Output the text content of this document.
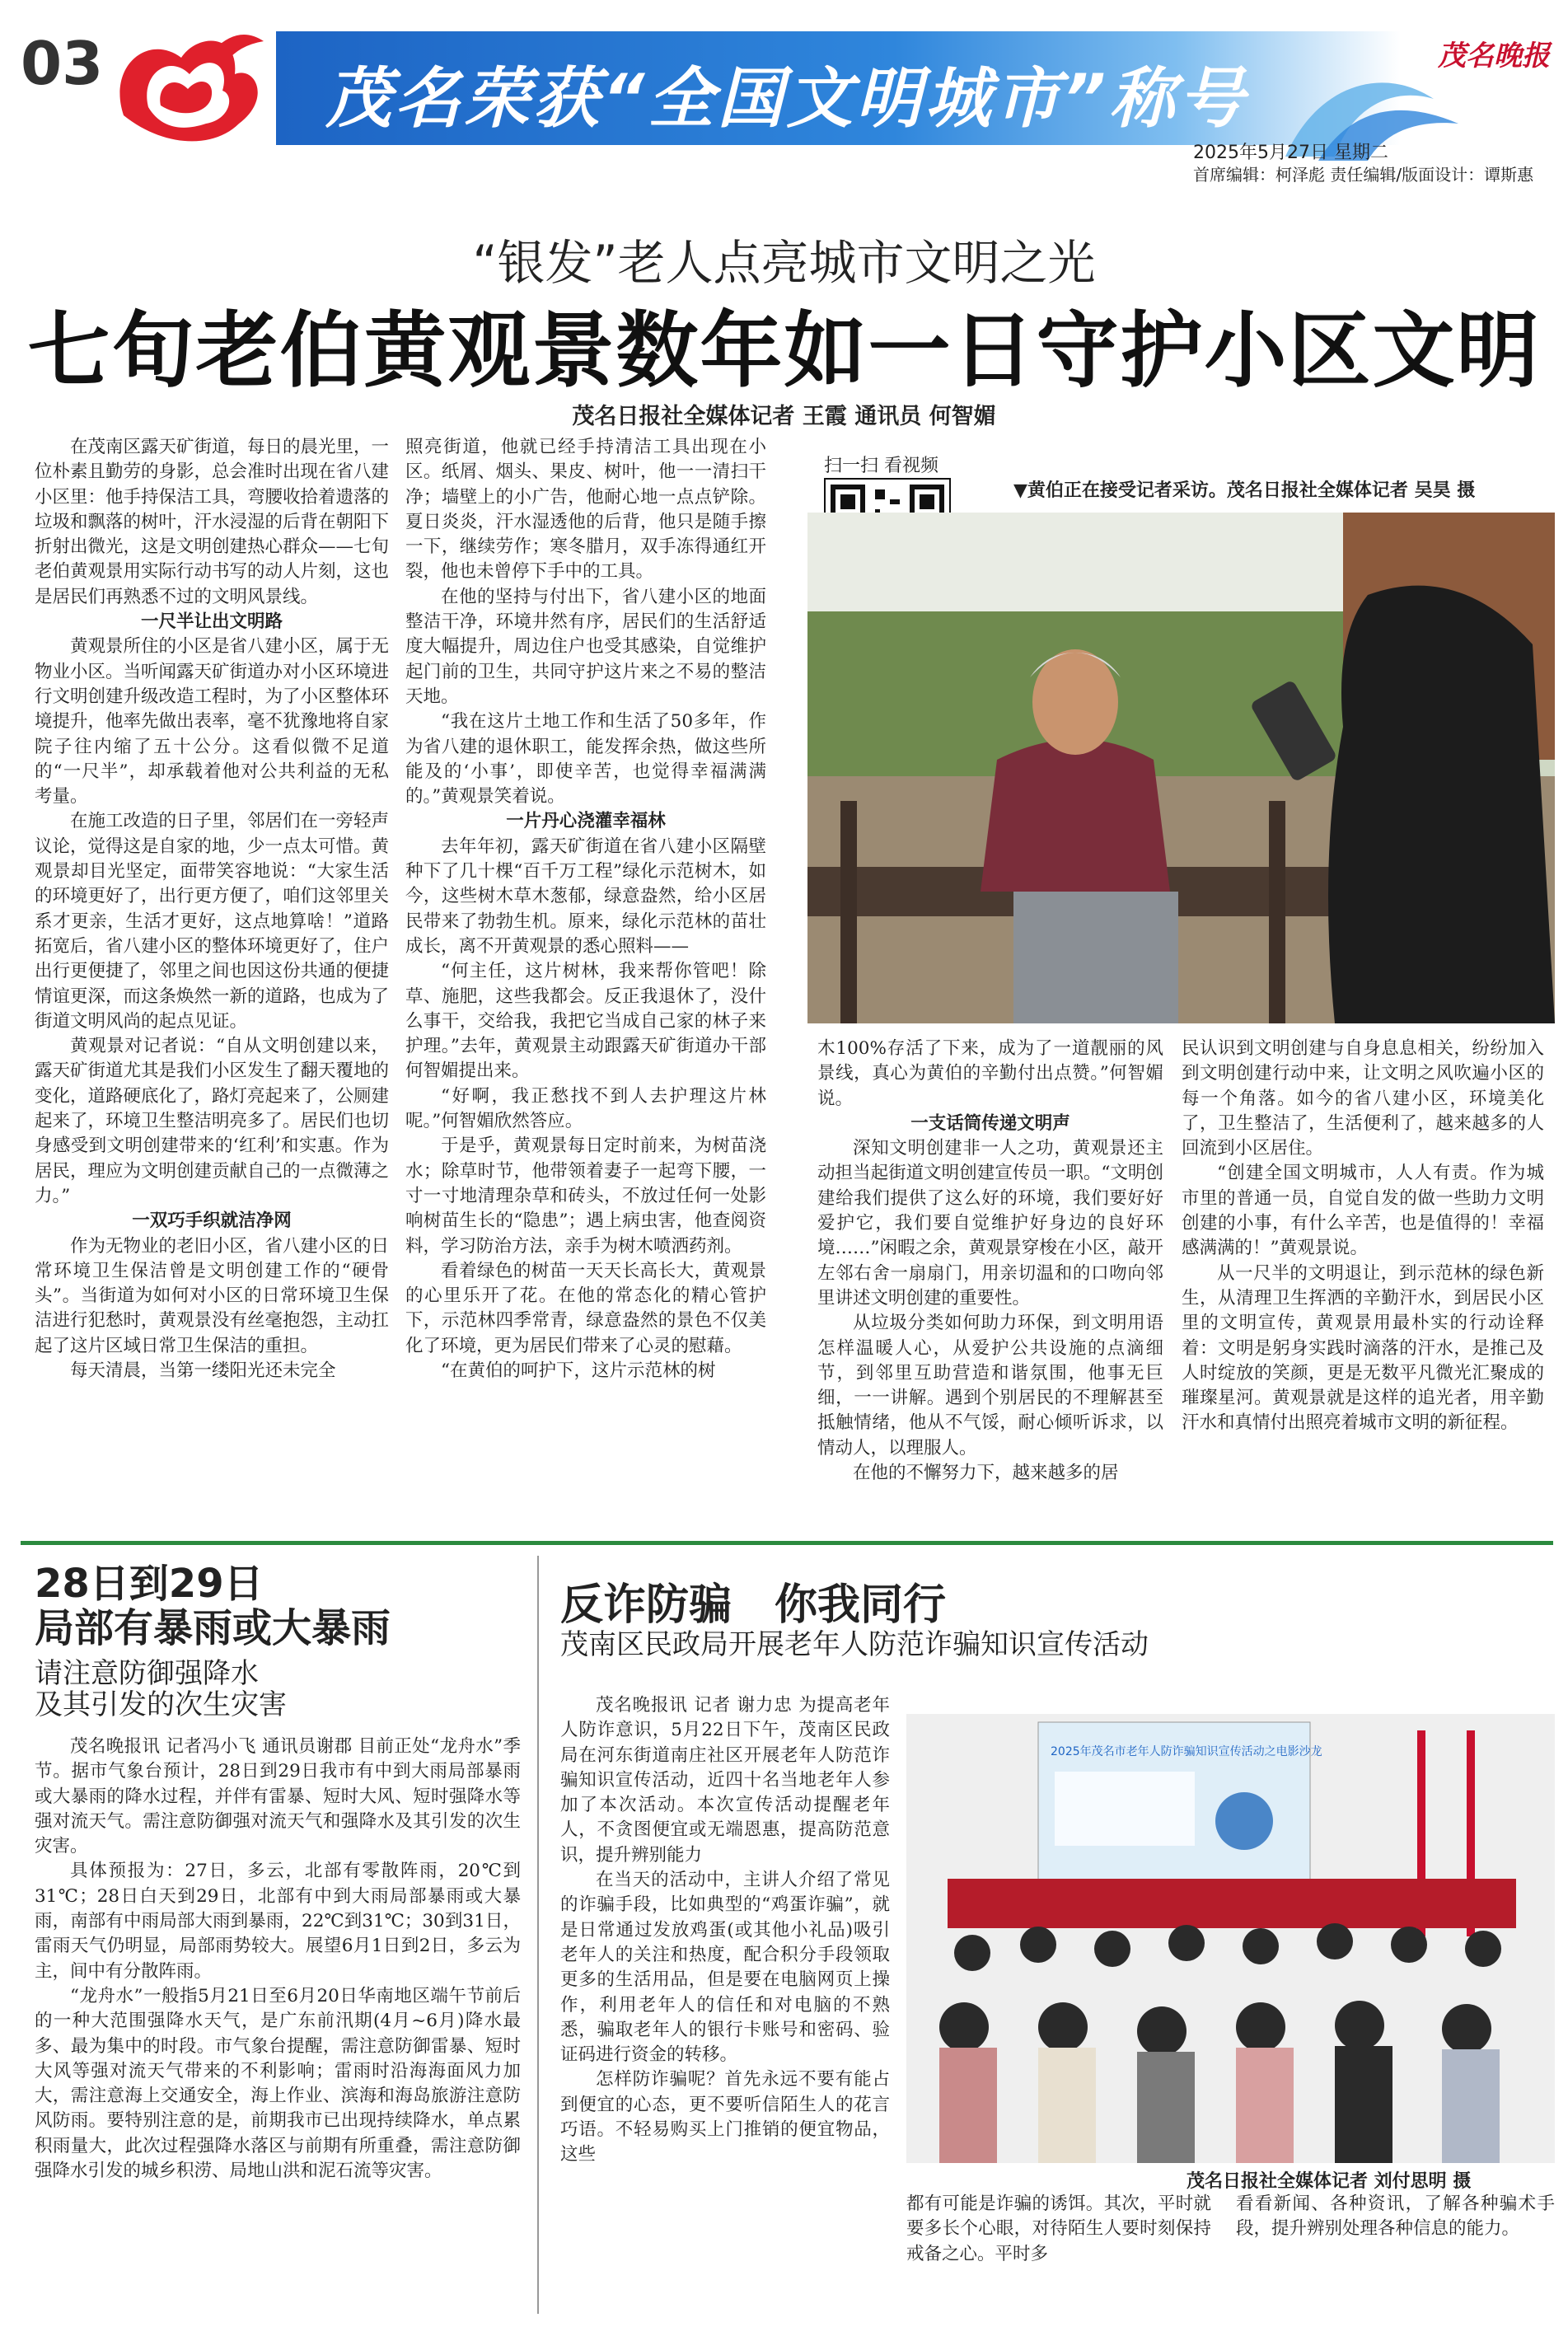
03	茂名荣获“全国文明城市”称号
茂名晚报
2025年5月27日 星期二
首席编辑：柯泽彪 责任编辑/版面设计：谭斯惠
“银发”老人点亮城市文明之光
七旬老伯黄观景数年如一日守护小区文明
茂名日报社全媒体记者 王霞 通讯员 何智媚

在茂南区露天矿街道，每日的晨光里，一位朴素且勤劳的身影，总会准时出现在省八建小区里：他手持保洁工具，弯腰收拾着遗落的垃圾和飘落的树叶，汗水浸湿的后背在朝阳下折射出微光，这是文明创建热心群众——七旬老伯黄观景用实际行动书写的动人片刻，这也是居民们再熟悉不过的文明风景线。

一尺半让出文明路

黄观景所住的小区是省八建小区，属于无物业小区。当听闻露天矿街道办对小区环境进行文明创建升级改造工程时，为了小区整体环境提升，他率先做出表率，毫不犹豫地将自家院子往内缩了五十公分。这看似微不足道的“一尺半”，却承载着他对公共利益的无私考量。

在施工改造的日子里，邻居们在一旁轻声议论，觉得这是自家的地，少一点太可惜。黄观景却目光坚定，面带笑容地说：“大家生活的环境更好了，出行更方便了，咱们这邻里关系才更亲，生活才更好，这点地算啥！”道路拓宽后，省八建小区的整体环境更好了，住户出行更便捷了，邻里之间也因这份共通的便捷情谊更深，而这条焕然一新的道路，也成为了街道文明风尚的起点见证。

黄观景对记者说：“自从文明创建以来，露天矿街道尤其是我们小区发生了翻天覆地的变化，道路硬底化了，路灯亮起来了，公厕建起来了，环境卫生整洁明亮多了。居民们也切身感受到文明创建带来的‘红利’和实惠。作为居民，理应为文明创建贡献自己的一点微薄之力。”

一双巧手织就洁净网

作为无物业的老旧小区，省八建小区的日常环境卫生保洁曾是文明创建工作的“硬骨头”。当街道为如何对小区的日常环境卫生保洁进行犯愁时，黄观景没有丝毫抱怨，主动扛起了这片区域日常卫生保洁的重担。

每天清晨，当第一缕阳光还未完全

照亮街道，他就已经手持清洁工具出现在小区。纸屑、烟头、果皮、树叶，他一一清扫干净；墙壁上的小广告，他耐心地一点点铲除。夏日炎炎，汗水湿透他的后背，他只是随手擦一下，继续劳作；寒冬腊月，双手冻得通红开裂，他也未曾停下手中的工具。

在他的坚持与付出下，省八建小区的地面整洁干净，环境井然有序，居民们的生活舒适度大幅提升，周边住户也受其感染，自觉维护起门前的卫生，共同守护这片来之不易的整洁天地。

“我在这片土地工作和生活了50多年，作为省八建的退休职工，能发挥余热，做这些所能及的‘小事’，即使辛苦，也觉得幸福满满的。”黄观景笑着说。

一片丹心浇灌幸福林

去年年初，露天矿街道在省八建小区隔壁种下了几十棵“百千万工程”绿化示范树木，如今，这些树木草木葱郁，绿意盎然，给小区居民带来了勃勃生机。原来，绿化示范林的苗壮成长，离不开黄观景的悉心照料——

“何主任，这片树林，我来帮你管吧！除草、施肥，这些我都会。反正我退休了，没什么事干，交给我，我把它当成自己家的林子来护理。”去年，黄观景主动跟露天矿街道办干部何智媚提出来。

“好啊，我正愁找不到人去护理这片林呢。”何智媚欣然答应。

于是乎，黄观景每日定时前来，为树苗浇水；除草时节，他带领着妻子一起弯下腰，一寸一寸地清理杂草和砖头，不放过任何一处影响树苗生长的“隐患”；遇上病虫害，他查阅资料，学习防治方法，亲手为树木喷洒药剂。

看着绿色的树苗一天天长高长大，黄观景的心里乐开了花。在他的常态化的精心管护下，示范林四季常青，绿意盎然的景色不仅美化了环境，更为居民们带来了心灵的慰藉。

“在黄伯的呵护下，这片示范林的树

扫一扫 看视频
▼黄伯正在接受记者采访。茂名日报社全媒体记者 吴昊 摄

木100%存活了下来，成为了一道靓丽的风景线，真心为黄伯的辛勤付出点赞。”何智媚说。

一支话筒传递文明声

深知文明创建非一人之功，黄观景还主动担当起街道文明创建宣传员一职。“文明创建给我们提供了这么好的环境，我们要好好爱护它，我们要自觉维护好身边的良好环境……”闲暇之余，黄观景穿梭在小区，敲开左邻右舍一扇扇门，用亲切温和的口吻向邻里讲述文明创建的重要性。

从垃圾分类如何助力环保，到文明用语怎样温暖人心，从爱护公共设施的点滴细节，到邻里互助营造和谐氛围，他事无巨细，一一讲解。遇到个别居民的不理解甚至抵触情绪，他从不气馁，耐心倾听诉求，以情动人，以理服人。

在他的不懈努力下，越来越多的居

民认识到文明创建与自身息息相关，纷纷加入到文明创建行动中来，让文明之风吹遍小区的每一个角落。如今的省八建小区，环境美化了，卫生整洁了，生活便利了，越来越多的人回流到小区居住。

“创建全国文明城市，人人有责。作为城市里的普通一员，自觉自发的做一些助力文明创建的小事，有什么辛苦，也是值得的！幸福感满满的！”黄观景说。

从一尺半的文明退让，到示范林的绿色新生，从清理卫生挥洒的辛勤汗水，到居民小区里的文明宣传，黄观景用最朴实的行动诠释着：文明是躬身实践时滴落的汗水，是推己及人时绽放的笑颜，更是无数平凡微光汇聚成的璀璨星河。黄观景就是这样的追光者，用辛勤汗水和真情付出照亮着城市文明的新征程。

28日到29日
局部有暴雨或大暴雨
请注意防御强降水
及其引发的次生灾害

茂名晚报讯 记者冯小飞 通讯员谢郡 目前正处“龙舟水”季节。据市气象台预计，28日到29日我市有中到大雨局部暴雨或大暴雨的降水过程，并伴有雷暴、短时大风、短时强降水等强对流天气。需注意防御强对流天气和强降水及其引发的次生灾害。

具体预报为：27日，多云，北部有零散阵雨，20℃到31℃；28日白天到29日，北部有中到大雨局部暴雨或大暴雨，南部有中雨局部大雨到暴雨，22℃到31℃；30到31日，雷雨天气仍明显，局部雨势较大。展望6月1日到2日，多云为主，间中有分散阵雨。

“龙舟水”一般指5月21日至6月20日华南地区端午节前后的一种大范围强降水天气，是广东前汛期(4月~6月)降水最多、最为集中的时段。市气象台提醒，需注意防御雷暴、短时大风等强对流天气带来的不利影响；雷雨时沿海海面风力加大，需注意海上交通安全，海上作业、滨海和海岛旅游注意防风防雨。要特别注意的是，前期我市已出现持续降水，单点累积雨量大，此次过程强降水落区与前期有所重叠，需注意防御强降水引发的城乡积涝、局地山洪和泥石流等灾害。

反诈防骗　你我同行
茂南区民政局开展老年人防范诈骗知识宣传活动

茂名晚报讯 记者 谢力忠 为提高老年人防诈意识，5月22日下午，茂南区民政局在河东街道南庄社区开展老年人防范诈骗知识宣传活动，近四十名当地老年人参加了本次活动。本次宣传活动提醒老年人，不贪图便宜或无端恩惠，提高防范意识，提升辨别能力

在当天的活动中，主讲人介绍了常见的诈骗手段，比如典型的“鸡蛋诈骗”，就是日常通过发放鸡蛋(或其他小礼品)吸引老年人的关注和热度，配合积分手段领取更多的生活用品，但是要在电脑网页上操作，利用老年人的信任和对电脑的不熟悉，骗取老年人的银行卡账号和密码、验证码进行资金的转移。

怎样防诈骗呢？首先永远不要有能占到便宜的心态，更不要听信陌生人的花言巧语。不轻易购买上门推销的便宜物品，这些

2025年茂名市老年人防诈骗知识宣传活动之电影沙龙
茂名日报社全媒体记者 刘付思明 摄

都有可能是诈骗的诱饵。其次，平时就要多长个心眼，对待陌生人要时刻保持戒备之心。平时多

看看新闻、各种资讯，了解各种骗术手段，提升辨别处理各种信息的能力。
